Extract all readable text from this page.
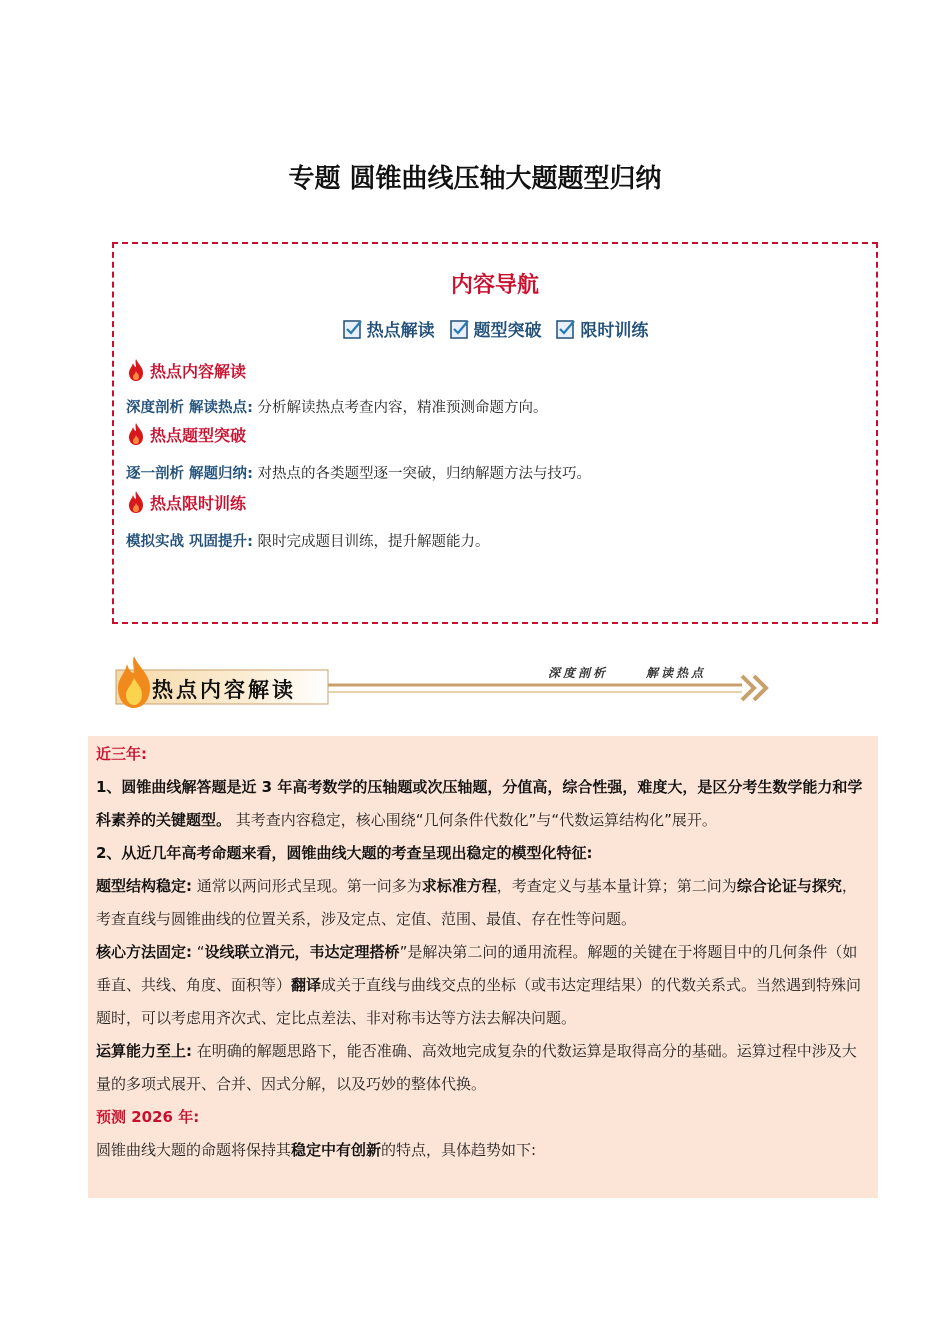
专题 圆锥曲线压轴大题题型归纳
内容导航
热点解读
题型突破
限时训练
热点内容解读
深度剖析 解读热点: 分析解读热点考查内容，精准预测命题方向。
热点题型突破
逐一剖析 解题归纳: 对热点的各类题型逐一突破，归纳解题方法与技巧。
热点限时训练
模拟实战 巩固提升: 限时完成题目训练，提升解题能力。
热点内容解读
深度剖析	解读热点

近三年:

1、圆锥曲线解答题是近 3 年高考数学的压轴题或次压轴题，分值高，综合性强，难度大，是区分考生数学能力和学科素养的关键题型。 其考查内容稳定，核心围绕“几何条件代数化”与“代数运算结构化”展开。

2、从近几年高考命题来看，圆锥曲线大题的考查呈现出稳定的模型化特征:

题型结构稳定: 通常以两问形式呈现。第一问多为求标准方程，考查定义与基本量计算；第二问为综合论证与探究，考查直线与圆锥曲线的位置关系，涉及定点、定值、范围、最值、存在性等问题。

核心方法固定: “设线联立消元，韦达定理搭桥”是解决第二问的通用流程。解题的关键在于将题目中的几何条件（如垂直、共线、角度、面积等）翻译成关于直线与曲线交点的坐标（或韦达定理结果）的代数关系式。当然遇到特殊问题时，可以考虑用齐次式、定比点差法、非对称韦达等方法去解决问题。

运算能力至上: 在明确的解题思路下，能否准确、高效地完成复杂的代数运算是取得高分的基础。运算过程中涉及大量的多项式展开、合并、因式分解，以及巧妙的整体代换。

预测 2026 年:

圆锥曲线大题的命题将保持其稳定中有创新的特点，具体趋势如下:
